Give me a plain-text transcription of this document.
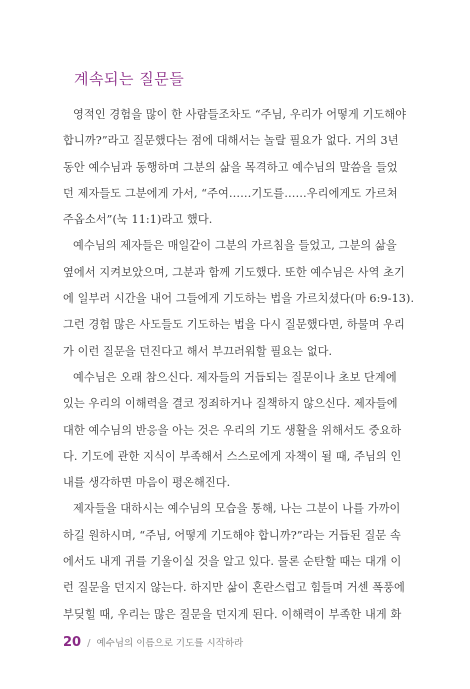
계속되는 질문들
영적인 경험을 많이 한 사람들조차도 “주님, 우리가 어떻게 기도해야
합니까?”라고 질문했다는 점에 대해서는 놀랄 필요가 없다. 거의 3년
동안 예수님과 동행하며 그분의 삶을 목격하고 예수님의 말씀을 들었
던 제자들도 그분에게 가서, “주여……기도를……우리에게도 가르쳐
주옵소서”(눅 11:1)라고 했다.
예수님의 제자들은 매일같이 그분의 가르침을 들었고, 그분의 삶을
옆에서 지켜보았으며, 그분과 함께 기도했다. 또한 예수님은 사역 초기
에 일부러 시간을 내어 그들에게 기도하는 법을 가르치셨다(마 6:9-13).
그런 경험 많은 사도들도 기도하는 법을 다시 질문했다면, 하물며 우리
가 이런 질문을 던진다고 해서 부끄러워할 필요는 없다.
예수님은 오래 참으신다. 제자들의 거듭되는 질문이나 초보 단계에
있는 우리의 이해력을 결코 정죄하거나 질책하지 않으신다. 제자들에
대한 예수님의 반응을 아는 것은 우리의 기도 생활을 위해서도 중요하
다. 기도에 관한 지식이 부족해서 스스로에게 자책이 될 때, 주님의 인
내를 생각하면 마음이 평온해진다.
제자들을 대하시는 예수님의 모습을 통해, 나는 그분이 나를 가까이
하길 원하시며, “주님, 어떻게 기도해야 합니까?”라는 거듭된 질문 속
에서도 내게 귀를 기울이실 것을 알고 있다. 물론 순탄할 때는 대개 이
런 질문을 던지지 않는다. 하지만 삶이 혼란스럽고 힘들며 거센 폭풍에
부딪힐 때, 우리는 많은 질문을 던지게 된다. 이해력이 부족한 내게 화
20 / 예수님의 이름으로 기도를 시작하라
